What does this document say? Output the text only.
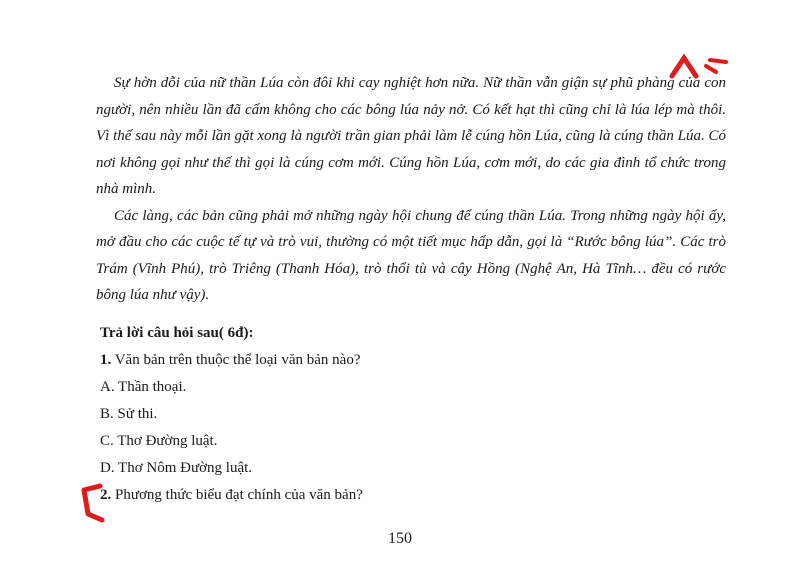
Sự hờn dỗi của nữ thần Lúa còn đôi khi cay nghiệt hơn nữa. Nữ thần vẫn giận sự phũ phàng của con người, nên nhiều lần đã cấm không cho các bông lúa nảy nở. Có kết hạt thì cũng chỉ là lúa lép mà thôi. Vì thế sau này mỗi lần gặt xong là người trần gian phải làm lễ cúng hồn Lúa, cũng là cúng thần Lúa. Có nơi không gọi như thế thì gọi là cúng cơm mới. Cúng hồn Lúa, cơm mới, do các gia đình tổ chức trong nhà mình.

Các làng, các bản cũng phải mở những ngày hội chung để cúng thần Lúa. Trong những ngày hội ấy, mở đầu cho các cuộc tế tự và trò vui, thường có một tiết mục hấp dẫn, gọi là “Rước bông lúa”. Các trò Trám (Vĩnh Phú), trò Triêng (Thanh Hóa), trò thổi tù và cây Hồng (Nghệ An, Hà Tĩnh… đều có rước bông lúa như vậy).

Trả lời câu hỏi sau( 6đ):
1. Văn bản trên thuộc thể loại văn bản nào?
A. Thần thoại.
B. Sử thi.
C. Thơ Đường luật.
D. Thơ Nôm Đường luật.
2. Phương thức biểu đạt chính của văn bản?
150
